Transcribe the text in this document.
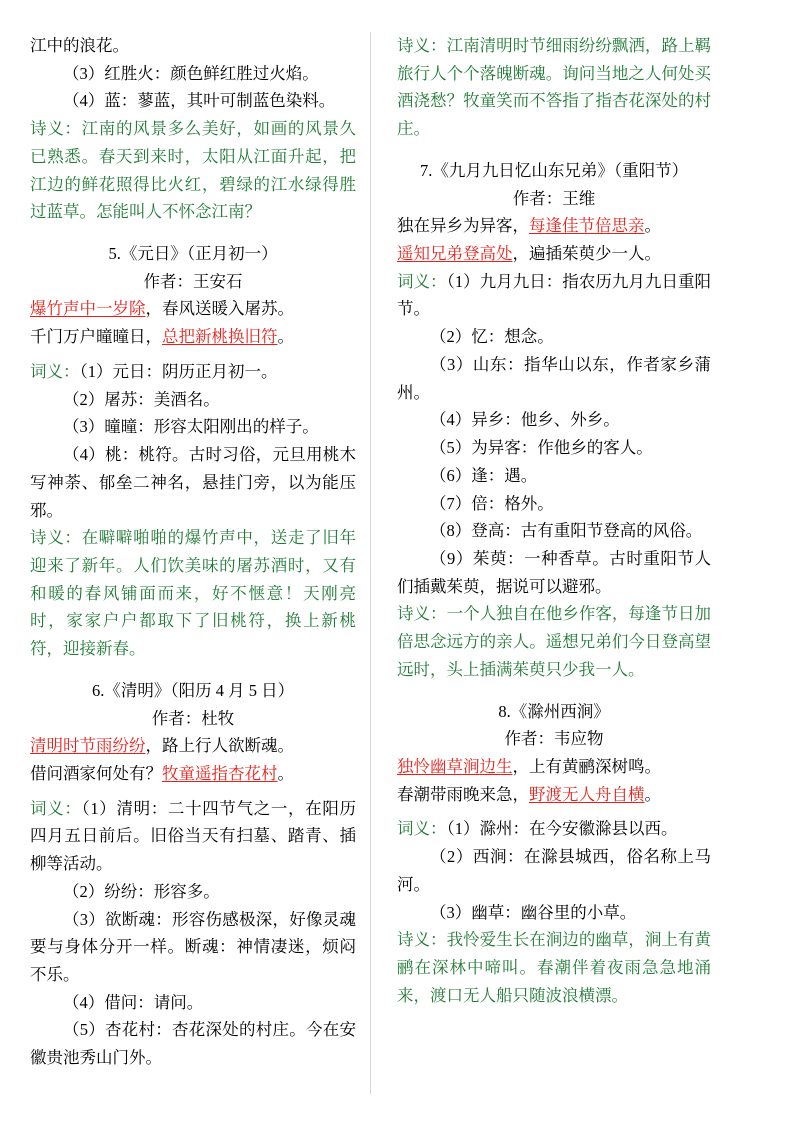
江中的浪花。

（3）红胜火：颜色鲜红胜过火焰。

（4）蓝：蓼蓝，其叶可制蓝色染料。

诗义：江南的风景多么美好，如画的风景久已熟悉。春天到来时，太阳从江面升起，把江边的鲜花照得比火红，碧绿的江水绿得胜过蓝草。怎能叫人不怀念江南？

5.《元日》（正月初一）

作者：王安石

爆竹声中一岁除，春风送暖入屠苏。

千门万户曈曈日，总把新桃换旧符。

词义：（1）元日：阴历正月初一。

（2）屠苏：美酒名。

（3）曈曈：形容太阳刚出的样子。

（4）桃：桃符。古时习俗，元旦用桃木写神荼、郁垒二神名，悬挂门旁，以为能压邪。

诗义：在噼噼啪啪的爆竹声中，送走了旧年迎来了新年。人们饮美味的屠苏酒时，又有和暖的春风铺面而来，好不惬意！天刚亮时，家家户户都取下了旧桃符，换上新桃符，迎接新春。

6.《清明》（阳历 4 月 5 日）

作者：杜牧

清明时节雨纷纷，路上行人欲断魂。

借问酒家何处有？牧童遥指杏花村。

词义：（1）清明：二十四节气之一，在阳历四月五日前后。旧俗当天有扫墓、踏青、插柳等活动。

（2）纷纷：形容多。

（3）欲断魂：形容伤感极深，好像灵魂要与身体分开一样。断魂：神情凄迷，烦闷不乐。

（4）借问：请问。

（5）杏花村：杏花深处的村庄。今在安徽贵池秀山门外。

诗义：江南清明时节细雨纷纷飘洒，路上羁旅行人个个落魄断魂。询问当地之人何处买酒浇愁？牧童笑而不答指了指杏花深处的村庄。

7.《九月九日忆山东兄弟》（重阳节）

作者：王维

独在异乡为异客，每逢佳节倍思亲。

遥知兄弟登高处，遍插茱萸少一人。

词义：（1）九月九日：指农历九月九日重阳节。

（2）忆：想念。

（3）山东：指华山以东，作者家乡蒲州。

（4）异乡：他乡、外乡。

（5）为异客：作他乡的客人。

（6）逢：遇。

（7）倍：格外。

（8）登高：古有重阳节登高的风俗。

（9）茱萸：一种香草。古时重阳节人们插戴茱萸，据说可以避邪。

诗义：一个人独自在他乡作客，每逢节日加倍思念远方的亲人。遥想兄弟们今日登高望远时，头上插满茱萸只少我一人。

8.《滁州西涧》

作者：韦应物

独怜幽草涧边生，上有黄鹂深树鸣。

春潮带雨晚来急，野渡无人舟自横。

词义：（1）滁州：在今安徽滁县以西。

（2）西涧：在滁县城西，俗名称上马河。

（3）幽草：幽谷里的小草。

诗义：我怜爱生长在涧边的幽草，涧上有黄鹂在深林中啼叫。春潮伴着夜雨急急地涌来，渡口无人船只随波浪横漂。
